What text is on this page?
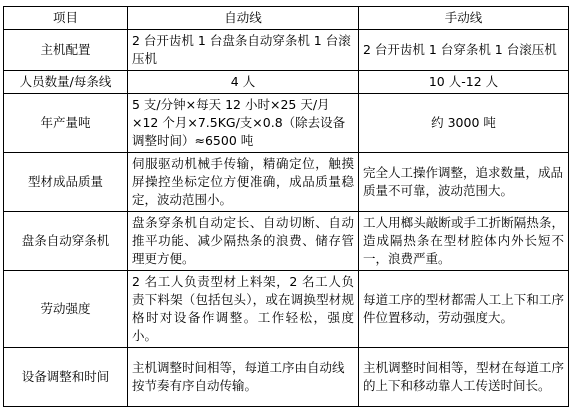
项目	自动线	手动线
主机配置	2 台开齿机 1 台盘条自动穿条机 1 台滚压机	2 台开齿机 1 台穿条机 1 台滚压机
人员数量/每条线	4 人	10 人-12 人
年产量吨	5 支/分钟×每天 12 小时×25 天/月×12 个月×7.5KG/支×0.8（除去设备调整时间）≈6500 吨	约 3000 吨
型材成品质量	伺服驱动机械手传输，精确定位，触摸屏操控坐标定位方便准确，成品质量稳定，波动范围小。	完全人工操作调整，追求数量，成品质量不可靠，波动范围大。
盘条自动穿条机	盘条穿条机自动定长、自动切断、自动推平功能、减少隔热条的浪费、储存管理更方便。	工人用榔头敲断或手工折断隔热条，造成隔热条在型材腔体内外长短不一，浪费严重。
劳动强度	2 名工人负责型材上料架，2 名工人负责下料架（包括包头），或在调换型材规格时对设备作调整。工作轻松，强度小。	每道工序的型材都需人工上下和工序件位置移动，劳动强度大。
设备调整和时间	主机调整时间相等，每道工序由自动线按节奏有序自动传输。	主机调整时间相等，型材在每道工序的上下和移动靠人工传送时间长。
